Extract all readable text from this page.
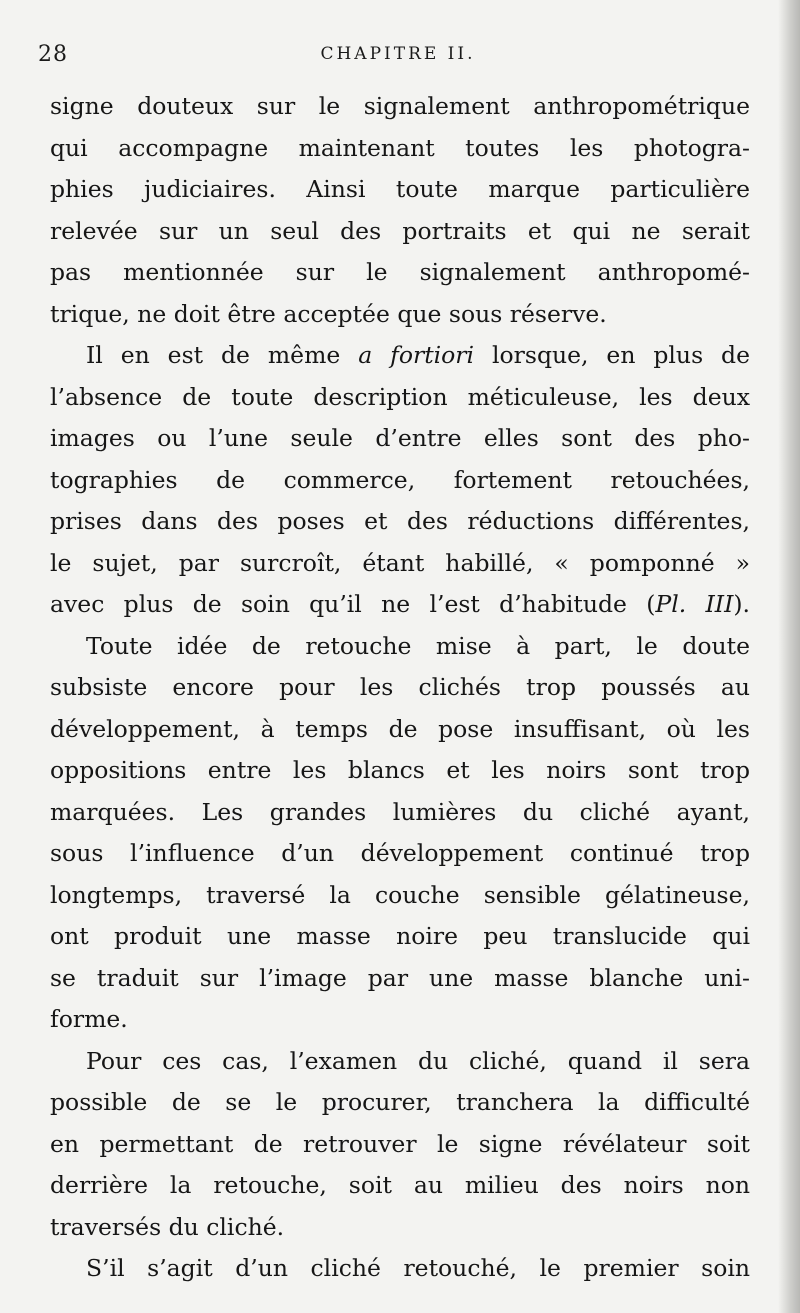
28	CHAPITRE II.
signe douteux sur le signalement anthropométrique
qui accompagne maintenant toutes les photogra-
phies judiciaires. Ainsi toute marque particulière
relevée sur un seul des portraits et qui ne serait
pas mentionnée sur le signalement anthropomé-
trique, ne doit être acceptée que sous réserve.
Il en est de même a fortiori lorsque, en plus de
l’absence de toute description méticuleuse, les deux
images ou l’une seule d’entre elles sont des pho-
tographies de commerce, fortement retouchées,
prises dans des poses et des réductions différentes,
le sujet, par surcroît, étant habillé, « pomponné »
avec plus de soin qu’il ne l’est d’habitude (Pl. III).
Toute idée de retouche mise à part, le doute
subsiste encore pour les clichés trop poussés au
développement, à temps de pose insuffisant, où les
oppositions entre les blancs et les noirs sont trop
marquées. Les grandes lumières du cliché ayant,
sous l’influence d’un développement continué trop
longtemps, traversé la couche sensible gélatineuse,
ont produit une masse noire peu translucide qui
se traduit sur l’image par une masse blanche uni-
forme.
Pour ces cas, l’examen du cliché, quand il sera
possible de se le procurer, tranchera la difficulté
en permettant de retrouver le signe révélateur soit
derrière la retouche, soit au milieu des noirs non
traversés du cliché.
S’il s’agit d’un cliché retouché, le premier soin
